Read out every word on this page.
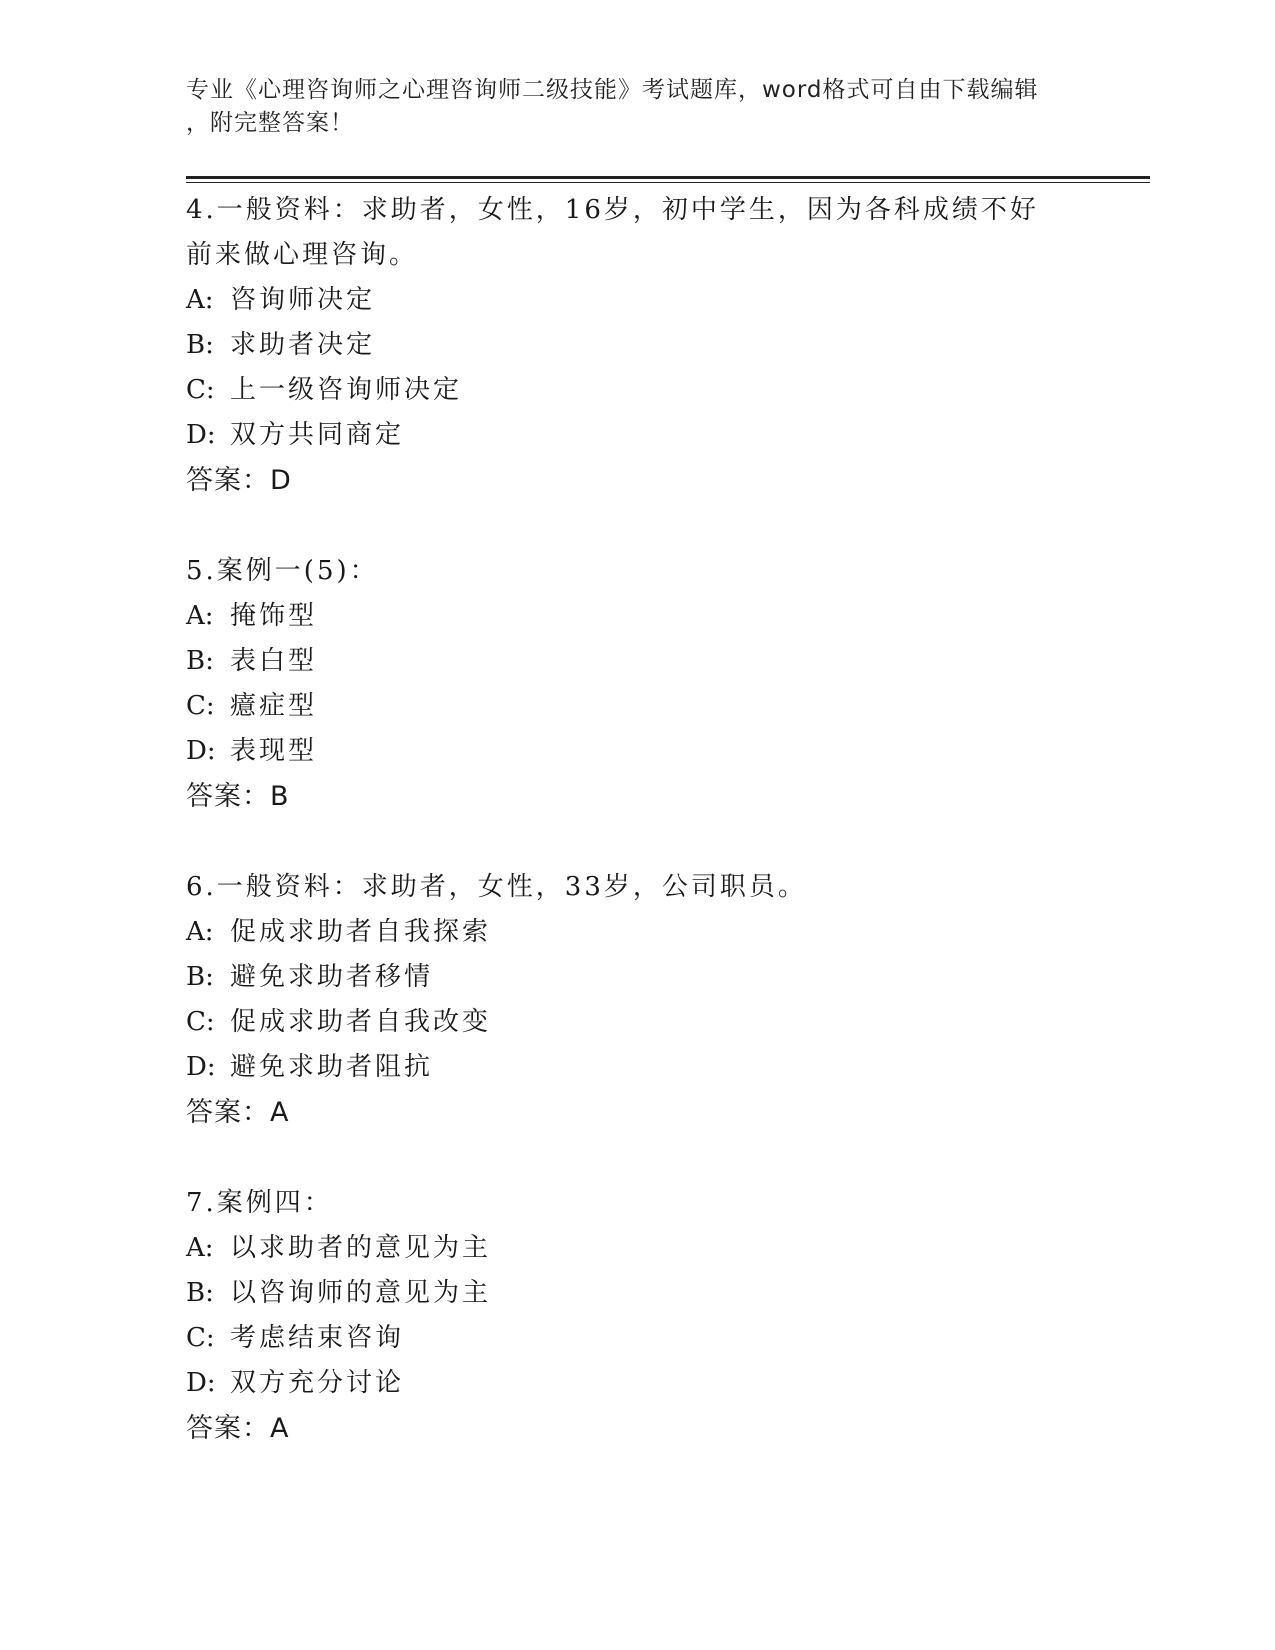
专业《心理咨询师之心理咨询师二级技能》考试题库，word格式可自由下载编辑
，附完整答案！

4.一般资料：求助者，女性，16岁，初中学生，因为各科成绩不好前来做心理咨询。

A: 咨询师决定

B: 求助者决定

C: 上一级咨询师决定

D: 双方共同商定

答案：D

5.案例一(5)：

A: 掩饰型

B: 表白型

C: 癔症型

D: 表现型

答案：B

6.一般资料：求助者，女性，33岁，公司职员。

A: 促成求助者自我探索

B: 避免求助者移情

C: 促成求助者自我改变

D: 避免求助者阻抗

答案：A

7.案例四：

A: 以求助者的意见为主

B: 以咨询师的意见为主

C: 考虑结束咨询

D: 双方充分讨论

答案：A
